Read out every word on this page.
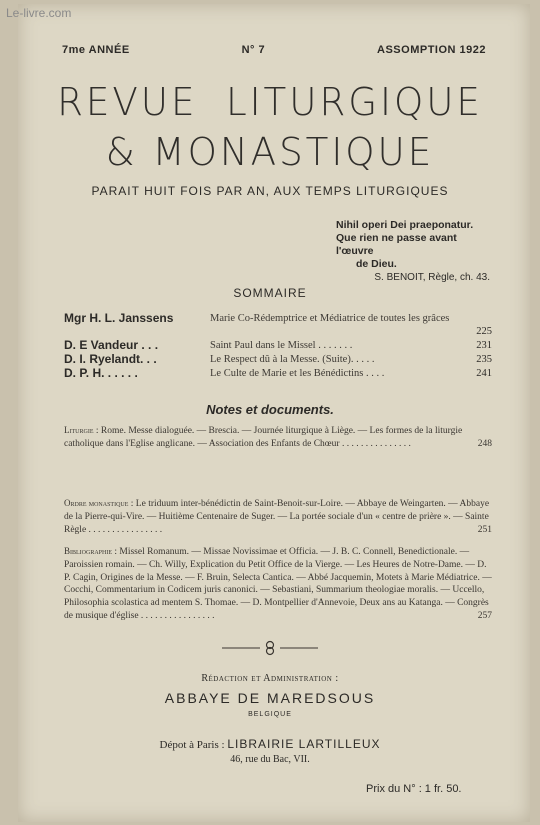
Le-livre.com
7me ANNÉE	N° 7	ASSOMPTION 1922
REVUE LITURGIQUE
& MONASTIQUE
PARAIT HUIT FOIS PAR AN, AUX TEMPS LITURGIQUES
Nihil operi Dei praeponatur.
Que rien ne passe avant l'œuvre
de Dieu.
S. BENOIT, Règle, ch. 43.
SOMMAIRE
Mgr H. L. Janssens	Marie Co-Rédemptrice et Médiatrice de toutes les grâces
225
D. E Vandeur . . .	Saint Paul dans le Missel . . . . . . .	231
D. I. Ryelandt. . .	Le Respect dû à la Messe. (Suite). . . . .	235
D. P. H. . . . . .	Le Culte de Marie et les Bénédictins . . . .	241
Notes et documents.

Liturgie : Rome. Messe dialoguée. — Brescia. — Journée liturgique à Liège. — Les formes de la liturgie catholique dans l'Eglise anglicane. — Association des Enfants de Chœur . . . . . . . . . . . . . . .	248

Ordre monastique : Le triduum inter-bénédictin de Saint-Benoit-sur-Loire. — Abbaye de Weingarten. — Abbaye de la Pierre-qui-Vire. — Huitième Centenaire de Suger. — La portée sociale d'un « centre de prière ». — Sainte Règle . . . . . . . . . . . . . . . .	251

Bibliographie : Missel Romanum. — Missae Novissimae et Officia. — J. B. C. Connell, Benedictionale. — Paroissien romain. — Ch. Willy, Explication du Petit Office de la Vierge. — Les Heures de Notre-Dame. — D. P. Cagin, Origines de la Messe. — F. Bruin, Selecta Cantica. — Abbé Jacquemin, Motets à Marie Médiatrice. — Cocchi, Commentarium in Codicem juris canonici. — Sebastiani, Summarium theologiae moralis. — Uccello, Philosophia scolastica ad mentem S. Thomae. — D. Montpellier d'Annevoie, Deux ans au Katanga. — Congrès de musique d'église . . . . . . . . . . . . . . . .	257

Rédaction et Administration :
ABBAYE DE MAREDSOUS
BELGIQUE
Dépot à Paris : LIBRAIRIE LARTILLEUX
46, rue du Bac, VII.
Prix du N° : 1 fr. 50.
